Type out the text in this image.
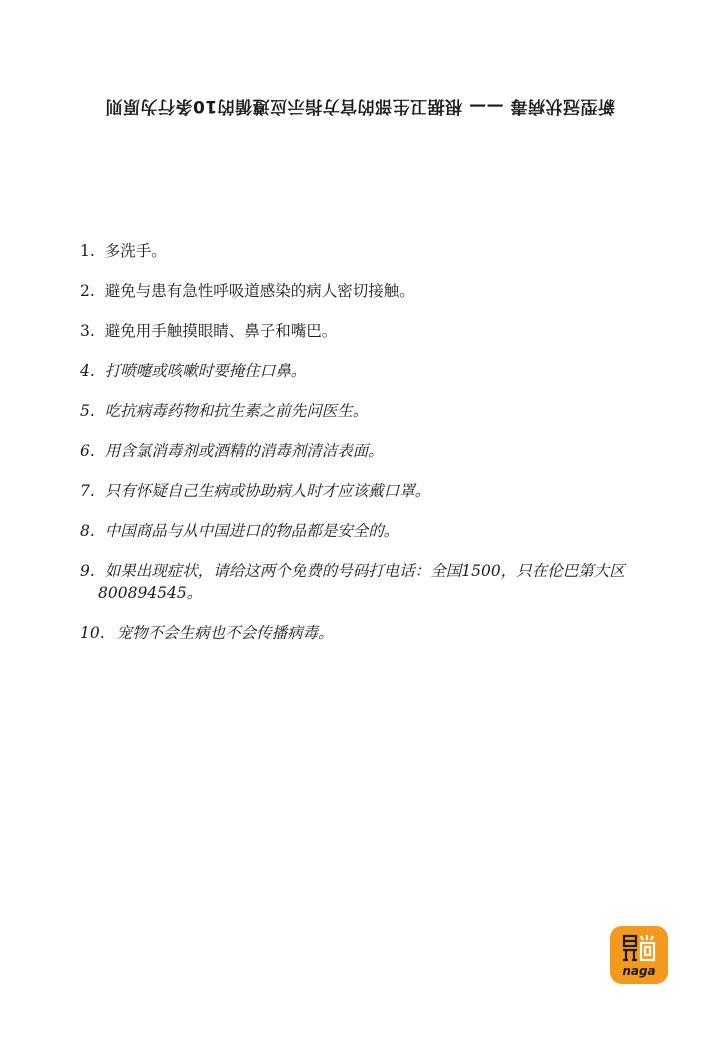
新型冠状病毒 —— 根据卫生部的官方指示应遵循的10条行为原则
1. 多洗手。
2. 避免与患有急性呼吸道感染的病人密切接触。
3. 避免用手触摸眼睛、鼻子和嘴巴。
4. 打喷嚏或咳嗽时要掩住口鼻。
5. 吃抗病毒药物和抗生素之前先问医生。
6. 用含氯消毒剂或酒精的消毒剂清洁表面。
7. 只有怀疑自己生病或协助病人时才应该戴口罩。
8. 中国商品与从中国进口的物品都是安全的。
9. 如果出现症状，请给这两个免费的号码打电话：全国1500，只在伦巴第大区
800894545。
10. 宠物不会生病也不会传播病毒。
naga
